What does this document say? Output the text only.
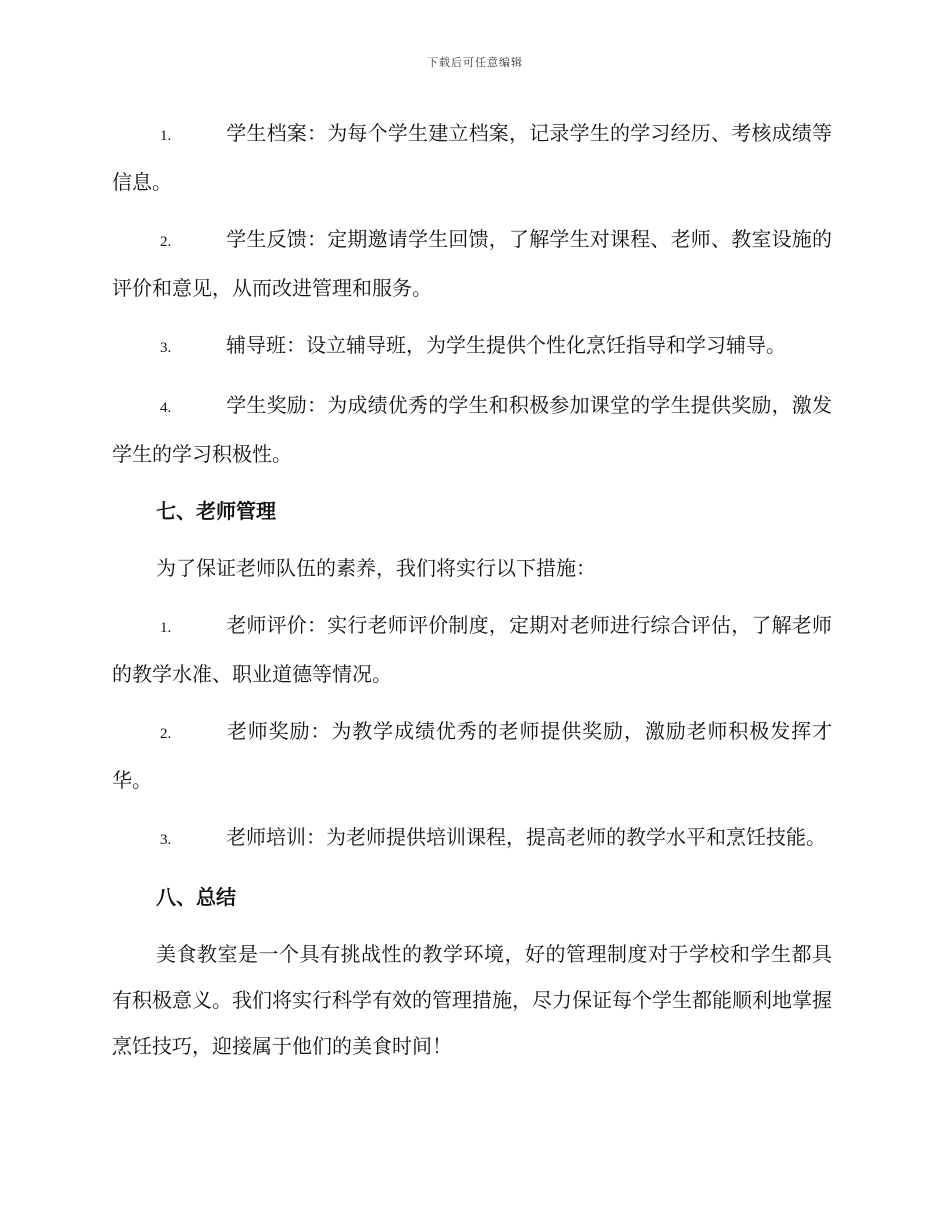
下载后可任意编辑

1.	学生档案：为每个学生建立档案，记录学生的学习经历、考核成绩等信息。

2.	学生反馈：定期邀请学生回馈，了解学生对课程、老师、教室设施的评价和意见，从而改进管理和服务。

3.	辅导班：设立辅导班，为学生提供个性化烹饪指导和学习辅导。

4.	学生奖励：为成绩优秀的学生和积极参加课堂的学生提供奖励，激发学生的学习积极性。

七、老师管理

为了保证老师队伍的素养，我们将实行以下措施：

1.	老师评价：实行老师评价制度，定期对老师进行综合评估，了解老师的教学水准、职业道德等情况。

2.	老师奖励：为教学成绩优秀的老师提供奖励，激励老师积极发挥才华。

3.	老师培训：为老师提供培训课程，提高老师的教学水平和烹饪技能。

八、总结

美食教室是一个具有挑战性的教学环境，好的管理制度对于学校和学生都具有积极意义。我们将实行科学有效的管理措施，尽力保证每个学生都能顺利地掌握烹饪技巧，迎接属于他们的美食时间！
